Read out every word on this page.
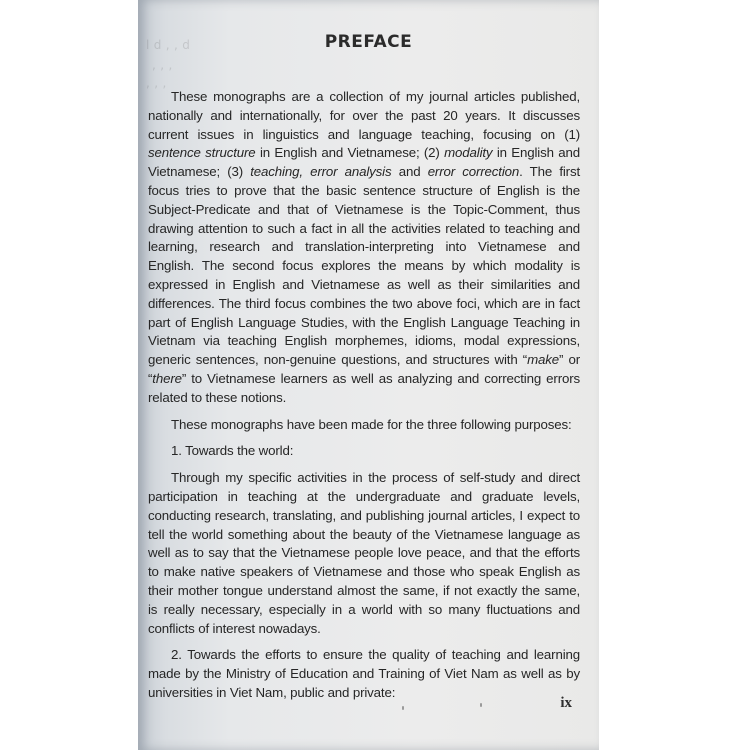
l d , , d
, , ,
, , ,
PREFACE

These monographs are a collection of my journal articles published, nationally and internationally, for over the past 20 years. It discusses current issues in linguistics and language teaching, focusing on (1) sentence structure in English and Vietnamese; (2) modality in English and Vietnamese; (3) teaching, error analysis and error correction. The first focus tries to prove that the basic sentence structure of English is the Subject-Predicate and that of Vietnamese is the Topic-Comment, thus drawing attention to such a fact in all the activities related to teaching and learning, research and translation-interpreting into Vietnamese and English. The second focus explores the means by which modality is expressed in English and Vietnamese as well as their similarities and differences. The third focus combines the two above foci, which are in fact part of English Language Studies, with the English Language Teaching in Vietnam via teaching English morphemes, idioms, modal expressions, generic sentences, non-genuine questions, and structures with “make” or “there” to Vietnamese learners as well as analyzing and correcting errors related to these notions.

These monographs have been made for the three following purposes:

1. Towards the world:

Through my specific activities in the process of self-study and direct participation in teaching at the undergraduate and graduate levels, conducting research, translating, and publishing journal articles, I expect to tell the world something about the beauty of the Vietnamese language as well as to say that the Vietnamese people love peace, and that the efforts to make native speakers of Vietnamese and those who speak English as their mother tongue understand almost the same, if not exactly the same, is really necessary, especially in a world with so many fluctuations and conflicts of interest nowadays.

2. Towards the efforts to ensure the quality of teaching and learning made by the Ministry of Education and Training of Viet Nam as well as by universities in Viet Nam, public and private:

ix
